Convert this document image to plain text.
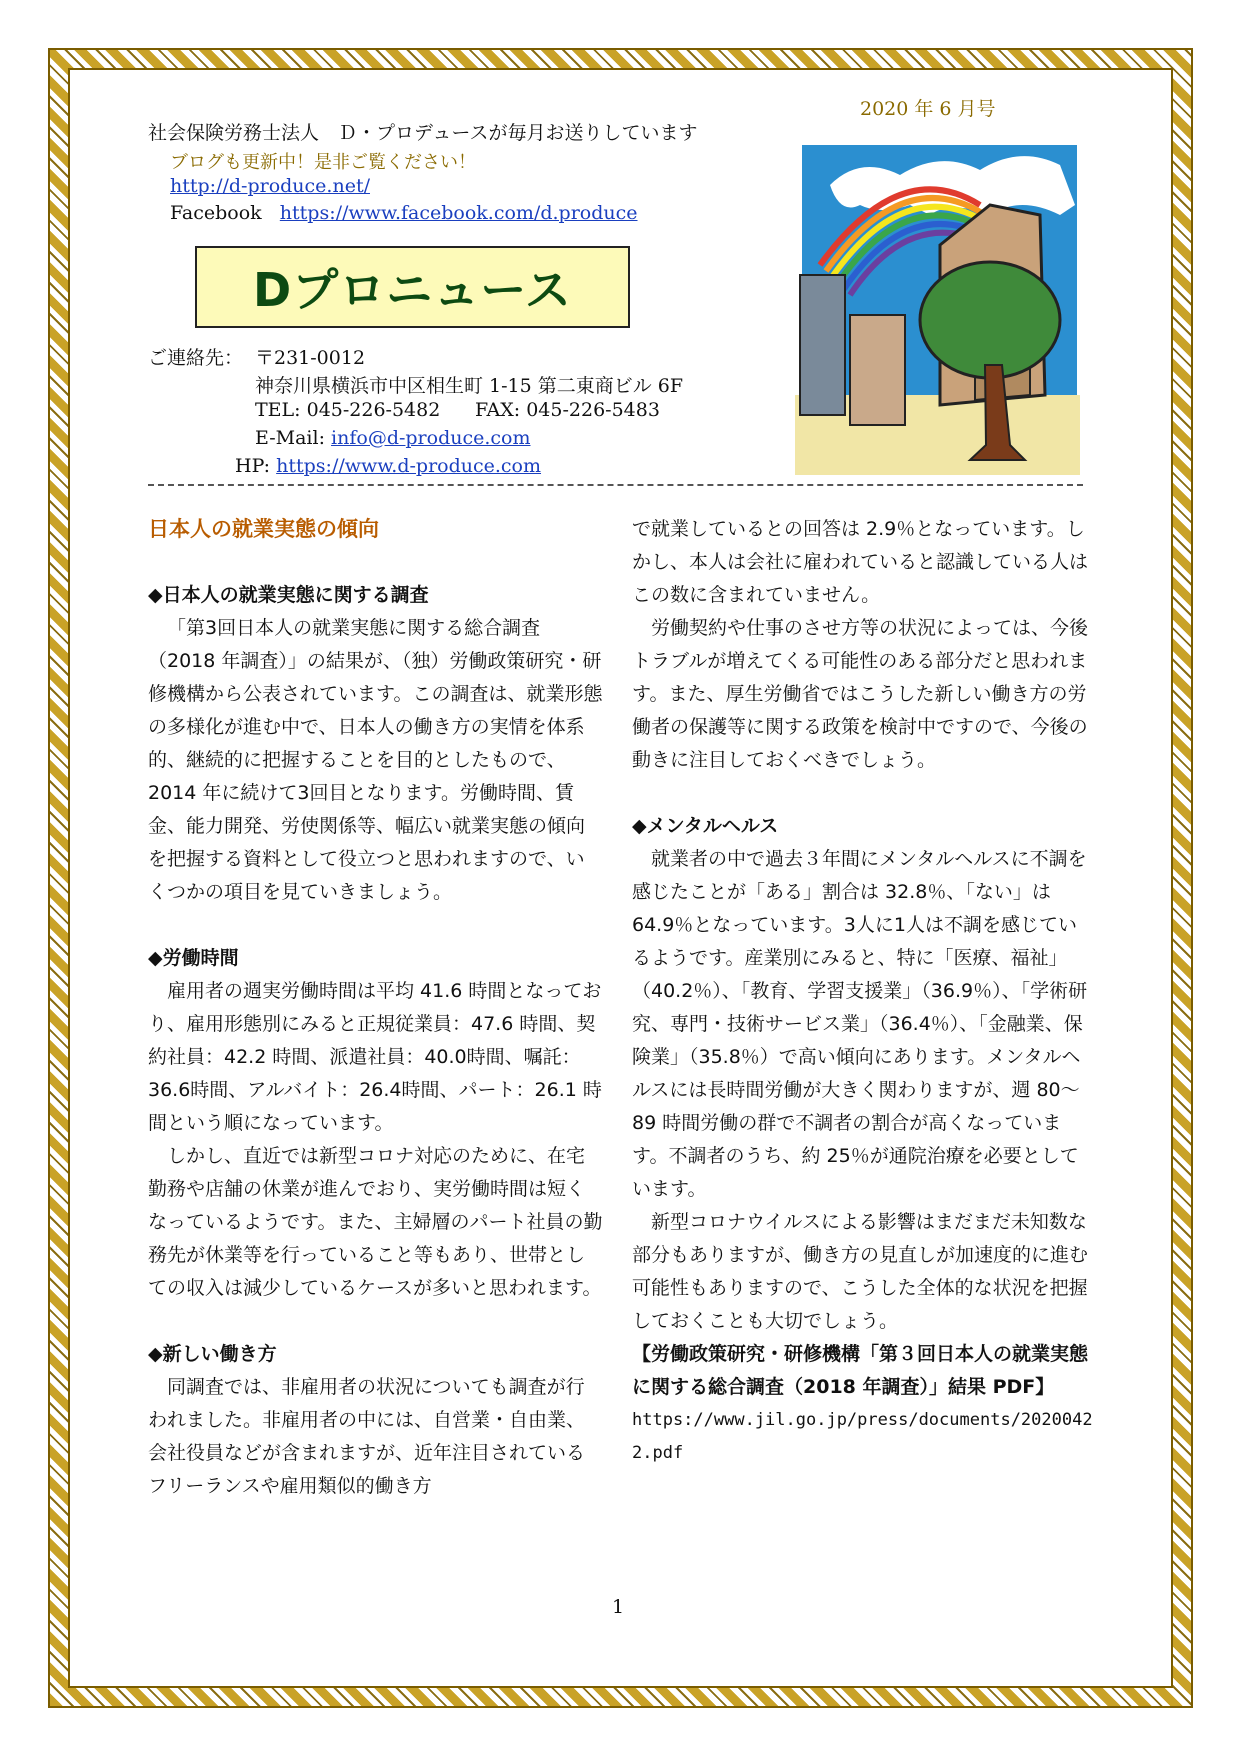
2020 年 6 月号
社会保険労務士法人　Ｄ・プロデュースが毎月お送りしています
ブログも更新中！是非ご覧ください！
http://d-produce.net/
Facebook https://www.facebook.com/d.produce
Dプロニュース
ご連絡先： 〒231-0012
神奈川県横浜市中区相生町 1-15 第二東商ビル 6F
TEL: 045-226-5482 FAX: 045-226-5483
E-Mail: info@d-produce.com
HP: https://www.d-produce.com

日本人の就業実態の傾向

◆日本人の就業実態に関する調査

「第3回日本人の就業実態に関する総合調査（2018 年調査）」の結果が、（独）労働政策研究・研修機構から公表されています。この調査は、就業形態の多様化が進む中で、日本人の働き方の実情を体系的、継続的に把握することを目的としたもので、2014 年に続けて3回目となります。労働時間、賃金、能力開発、労使関係等、幅広い就業実態の傾向を把握する資料として役立つと思われますので、いくつかの項目を見ていきましょう。

◆労働時間

雇用者の週実労働時間は平均 41.6 時間となっており、雇用形態別にみると正規従業員：47.6 時間、契約社員：42.2 時間、派遣社員：40.0時間、嘱託：36.6時間、アルバイト：26.4時間、パート：26.1 時間という順になっています。

しかし、直近では新型コロナ対応のために、在宅勤務や店舗の休業が進んでおり、実労働時間は短くなっているようです。また、主婦層のパート社員の勤務先が休業等を行っていること等もあり、世帯としての収入は減少しているケースが多いと思われます。

◆新しい働き方

同調査では、非雇用者の状況についても調査が行われました。非雇用者の中には、自営業・自由業、会社役員などが含まれますが、近年注目されているフリーランスや雇用類似的働き方

で就業しているとの回答は 2.9％となっています。しかし、本人は会社に雇われていると認識している人はこの数に含まれていません。

労働契約や仕事のさせ方等の状況によっては、今後トラブルが増えてくる可能性のある部分だと思われます。また、厚生労働省ではこうした新しい働き方の労働者の保護等に関する政策を検討中ですので、今後の動きに注目しておくべきでしょう。

◆メンタルヘルス

就業者の中で過去３年間にメンタルヘルスに不調を感じたことが「ある」割合は 32.8％、「ない」は 64.9％となっています。3人に1人は不調を感じているようです。産業別にみると、特に「医療、福祉」（40.2％）、「教育、学習支援業」（36.9％）、「学術研究、専門・技術サービス業」（36.4％）、「金融業、保険業」（35.8％）で高い傾向にあります。メンタルヘルスには長時間労働が大きく関わりますが、週 80～89 時間労働の群で不調者の割合が高くなっています。不調者のうち、約 25％が通院治療を必要としています。

新型コロナウイルスによる影響はまだまだ未知数な部分もありますが、働き方の見直しが加速度的に進む可能性もありますので、こうした全体的な状況を把握しておくことも大切でしょう。

【労働政策研究・研修機構「第３回日本人の就業実態に関する総合調査（2018 年調査）」結果 PDF】

https://www.jil.go.jp/press/documents/20200422.pdf

1
